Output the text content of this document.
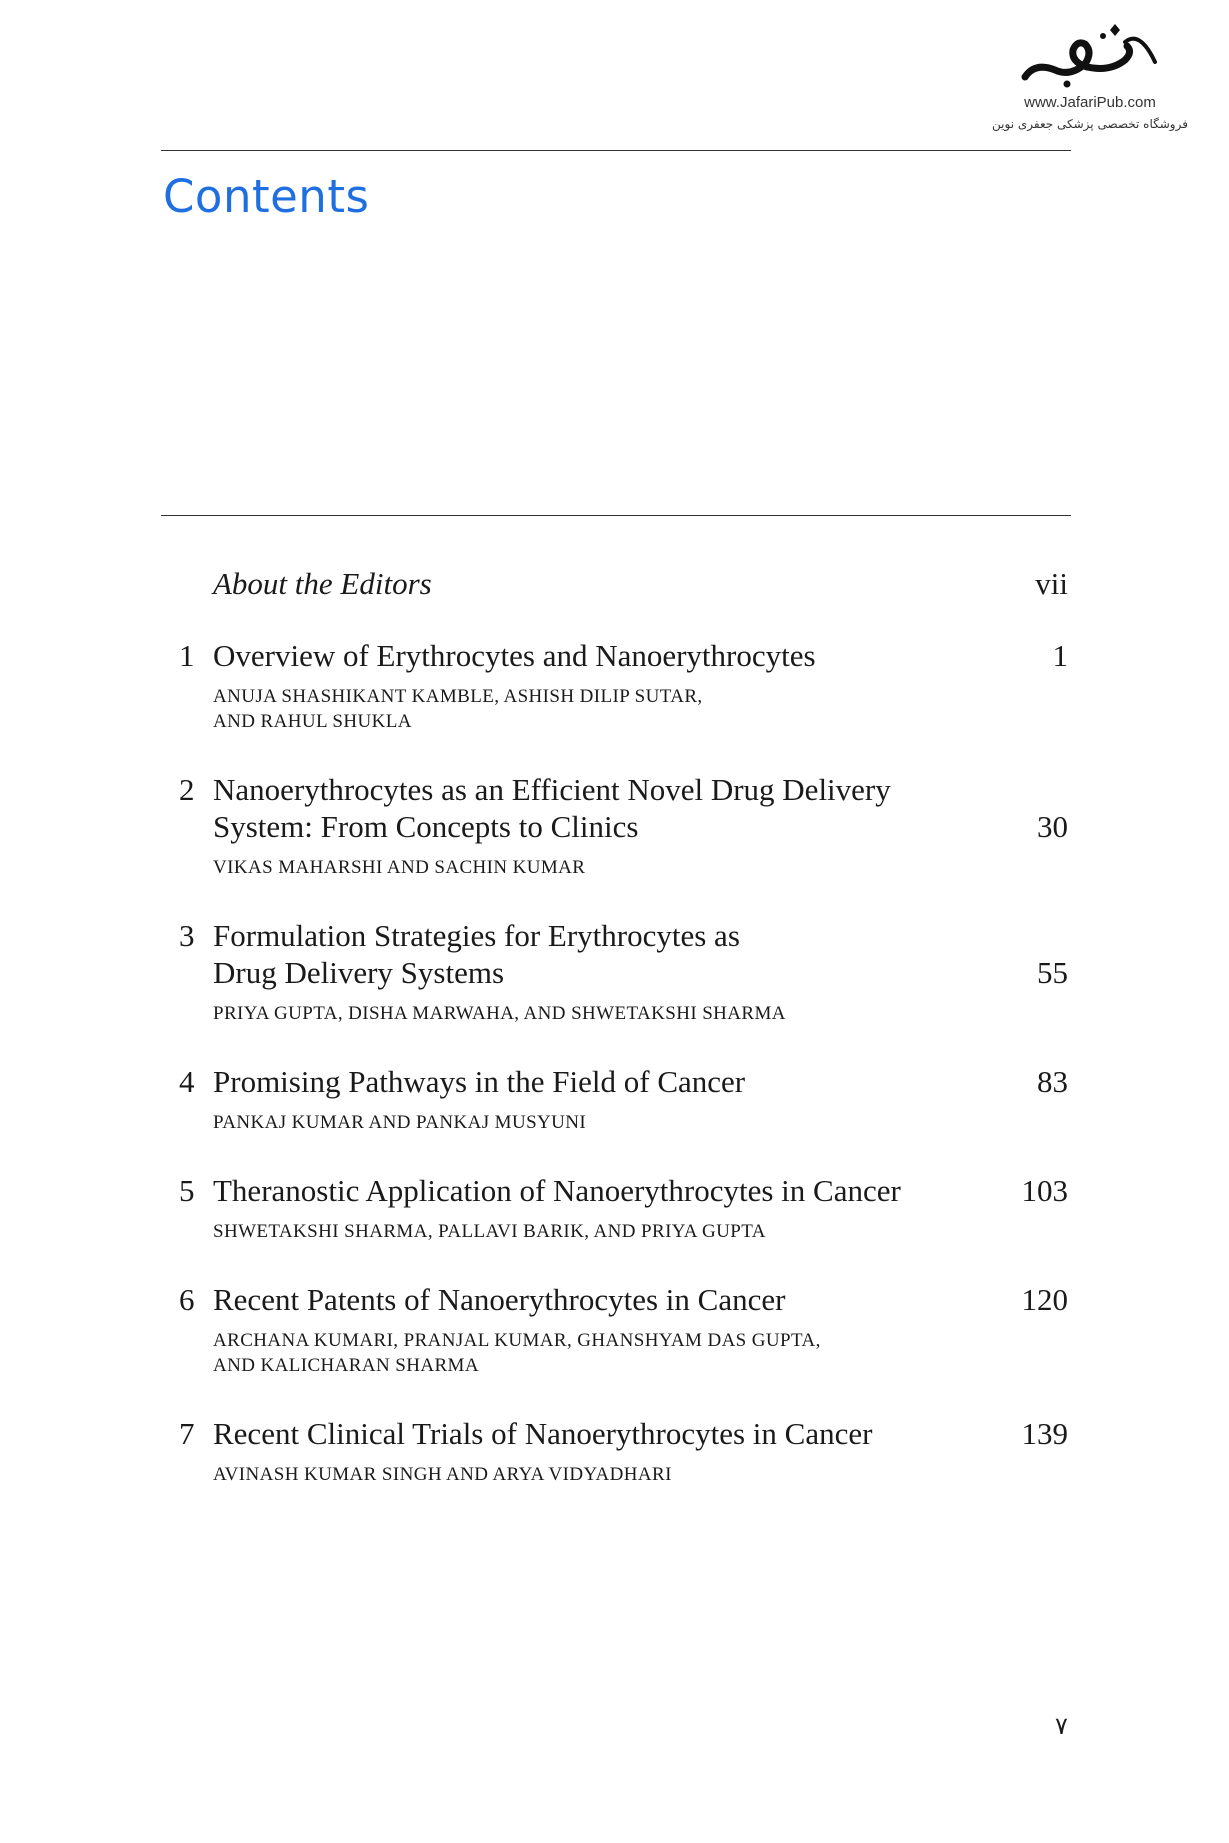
www.JafariPub.com
فروشگاه تخصصی پزشکی جعفری نوین
Contents
About the Editors	vii
1 Overview of Erythrocytes and Nanoerythrocytes	1
ANUJA SHASHIKANT KAMBLE, ASHISH DILIP SUTAR,
AND RAHUL SHUKLA
2 Nanoerythrocytes as an Efficient Novel Drug Delivery
System: From Concepts to Clinics	30
VIKAS MAHARSHI AND SACHIN KUMAR
3 Formulation Strategies for Erythrocytes as
Drug Delivery Systems	55
PRIYA GUPTA, DISHA MARWAHA, AND SHWETAKSHI SHARMA
4 Promising Pathways in the Field of Cancer	83
PANKAJ KUMAR AND PANKAJ MUSYUNI
5 Theranostic Application of Nanoerythrocytes in Cancer	103
SHWETAKSHI SHARMA, PALLAVI BARIK, AND PRIYA GUPTA
6 Recent Patents of Nanoerythrocytes in Cancer	120
ARCHANA KUMARI, PRANJAL KUMAR, GHANSHYAM DAS GUPTA,
AND KALICHARAN SHARMA
7 Recent Clinical Trials of Nanoerythrocytes in Cancer	139
AVINASH KUMAR SINGH AND ARYA VIDYADHARI
۷
